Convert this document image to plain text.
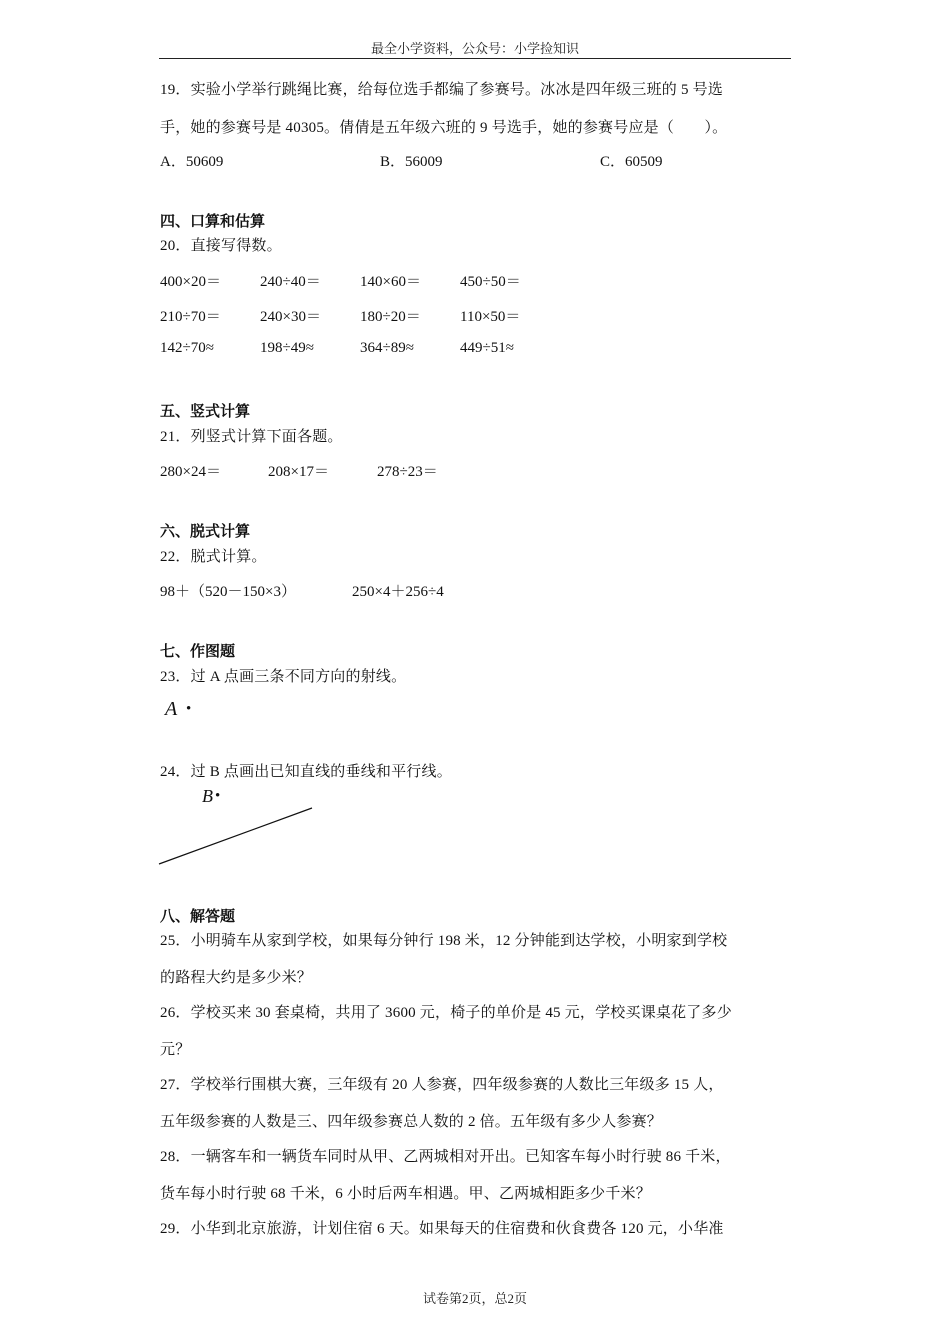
最全小学资料，公众号：小学捡知识
19．实验小学举行跳绳比赛，给每位选手都编了参赛号。冰冰是四年级三班的 5 号选
手，她的参赛号是 40305。倩倩是五年级六班的 9 号选手，她的参赛号应是（　　）。
A．50609	B．56009	C．60509
四、口算和估算
20．直接写得数。
400×20＝	240÷40＝	140×60＝	450÷50＝
210÷70＝	240×30＝	180÷20＝	110×50＝
142÷70≈	198÷49≈	364÷89≈	449÷51≈
五、竖式计算
21．列竖式计算下面各题。
280×24＝	208×17＝	278÷23＝
六、脱式计算
22．脱式计算。
98＋（520－150×3）	250×4＋256÷4
七、作图题
23．过 A 点画三条不同方向的射线。
A •
24．过 B 点画出已知直线的垂线和平行线。
B •
八、解答题
25．小明骑车从家到学校，如果每分钟行 198 米，12 分钟能到达学校，小明家到学校
的路程大约是多少米？
26．学校买来 30 套桌椅，共用了 3600 元，椅子的单价是 45 元，学校买课桌花了多少
元？
27．学校举行围棋大赛，三年级有 20 人参赛，四年级参赛的人数比三年级多 15 人，
五年级参赛的人数是三、四年级参赛总人数的 2 倍。五年级有多少人参赛？
28．一辆客车和一辆货车同时从甲、乙两城相对开出。已知客车每小时行驶 86 千米，
货车每小时行驶 68 千米，6 小时后两车相遇。甲、乙两城相距多少千米？
29．小华到北京旅游，计划住宿 6 天。如果每天的住宿费和伙食费各 120 元，小华准
试卷第2页，总2页
